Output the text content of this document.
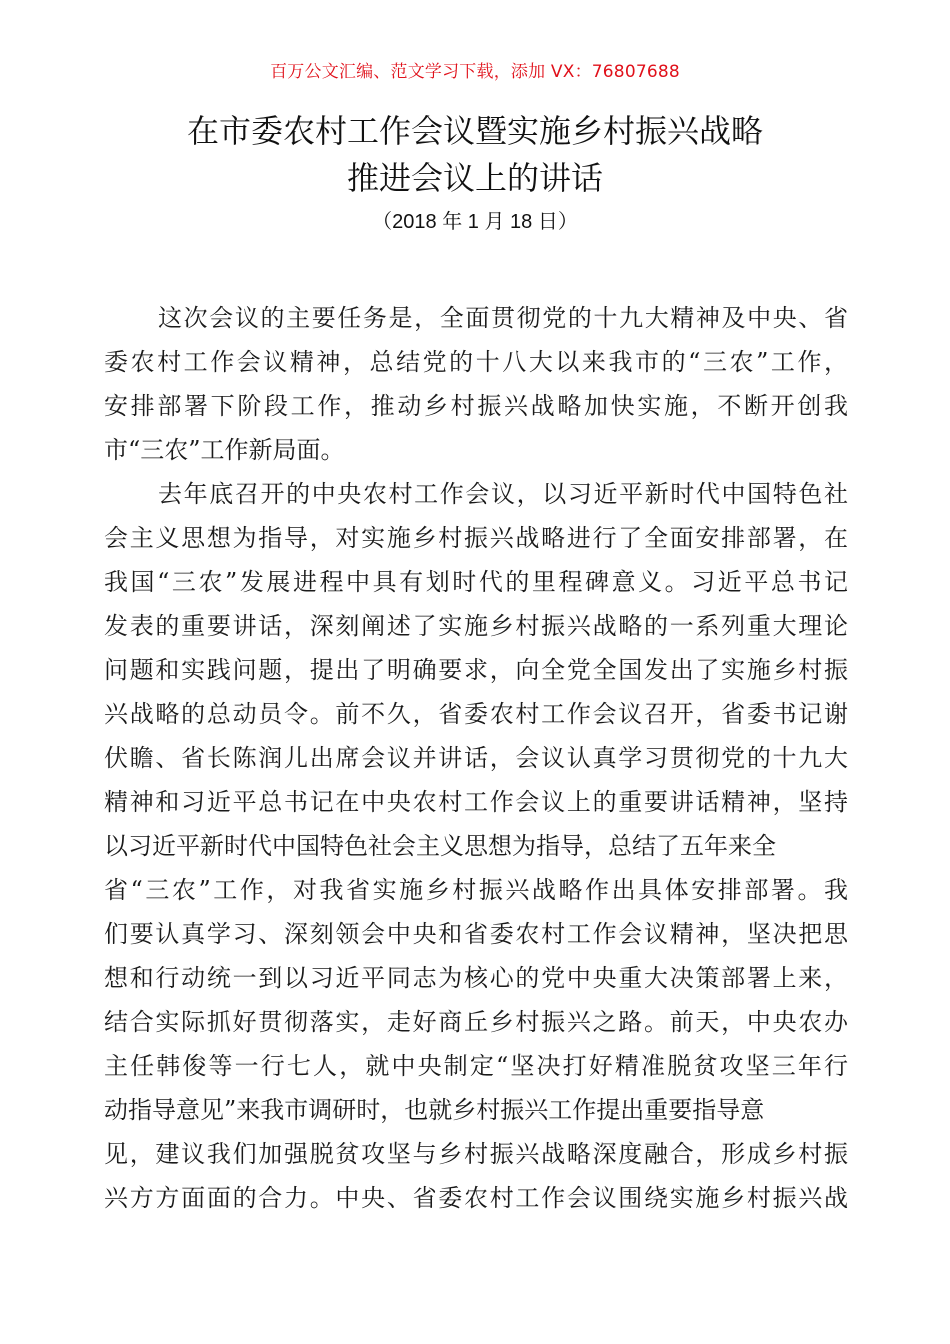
百万公文汇编、范文学习下载，添加 VX：76807688
在市委农村工作会议暨实施乡村振兴战略
推进会议上的讲话
（2018 年 1 月 18 日）
这次会议的主要任务是，全面贯彻党的十九大精神及中央、省
委农村工作会议精神，总结党的十八大以来我市的“三农”工作，
安排部署下阶段工作，推动乡村振兴战略加快实施，不断开创我
市“三农”工作新局面。
去年底召开的中央农村工作会议，以习近平新时代中国特色社
会主义思想为指导，对实施乡村振兴战略进行了全面安排部署，在
我国“三农”发展进程中具有划时代的里程碑意义。习近平总书记
发表的重要讲话，深刻阐述了实施乡村振兴战略的一系列重大理论
问题和实践问题，提出了明确要求，向全党全国发出了实施乡村振
兴战略的总动员令。前不久，省委农村工作会议召开，省委书记谢
伏瞻、省长陈润儿出席会议并讲话，会议认真学习贯彻党的十九大
精神和习近平总书记在中央农村工作会议上的重要讲话精神，坚持
以习近平新时代中国特色社会主义思想为指导，总结了五年来全
省“三农”工作，对我省实施乡村振兴战略作出具体安排部署。我
们要认真学习、深刻领会中央和省委农村工作会议精神，坚决把思
想和行动统一到以习近平同志为核心的党中央重大决策部署上来，
结合实际抓好贯彻落实，走好商丘乡村振兴之路。前天，中央农办
主任韩俊等一行七人，就中央制定“坚决打好精准脱贫攻坚三年行
动指导意见”来我市调研时，也就乡村振兴工作提出重要指导意
见，建议我们加强脱贫攻坚与乡村振兴战略深度融合，形成乡村振
兴方方面面的合力。中央、省委农村工作会议围绕实施乡村振兴战
